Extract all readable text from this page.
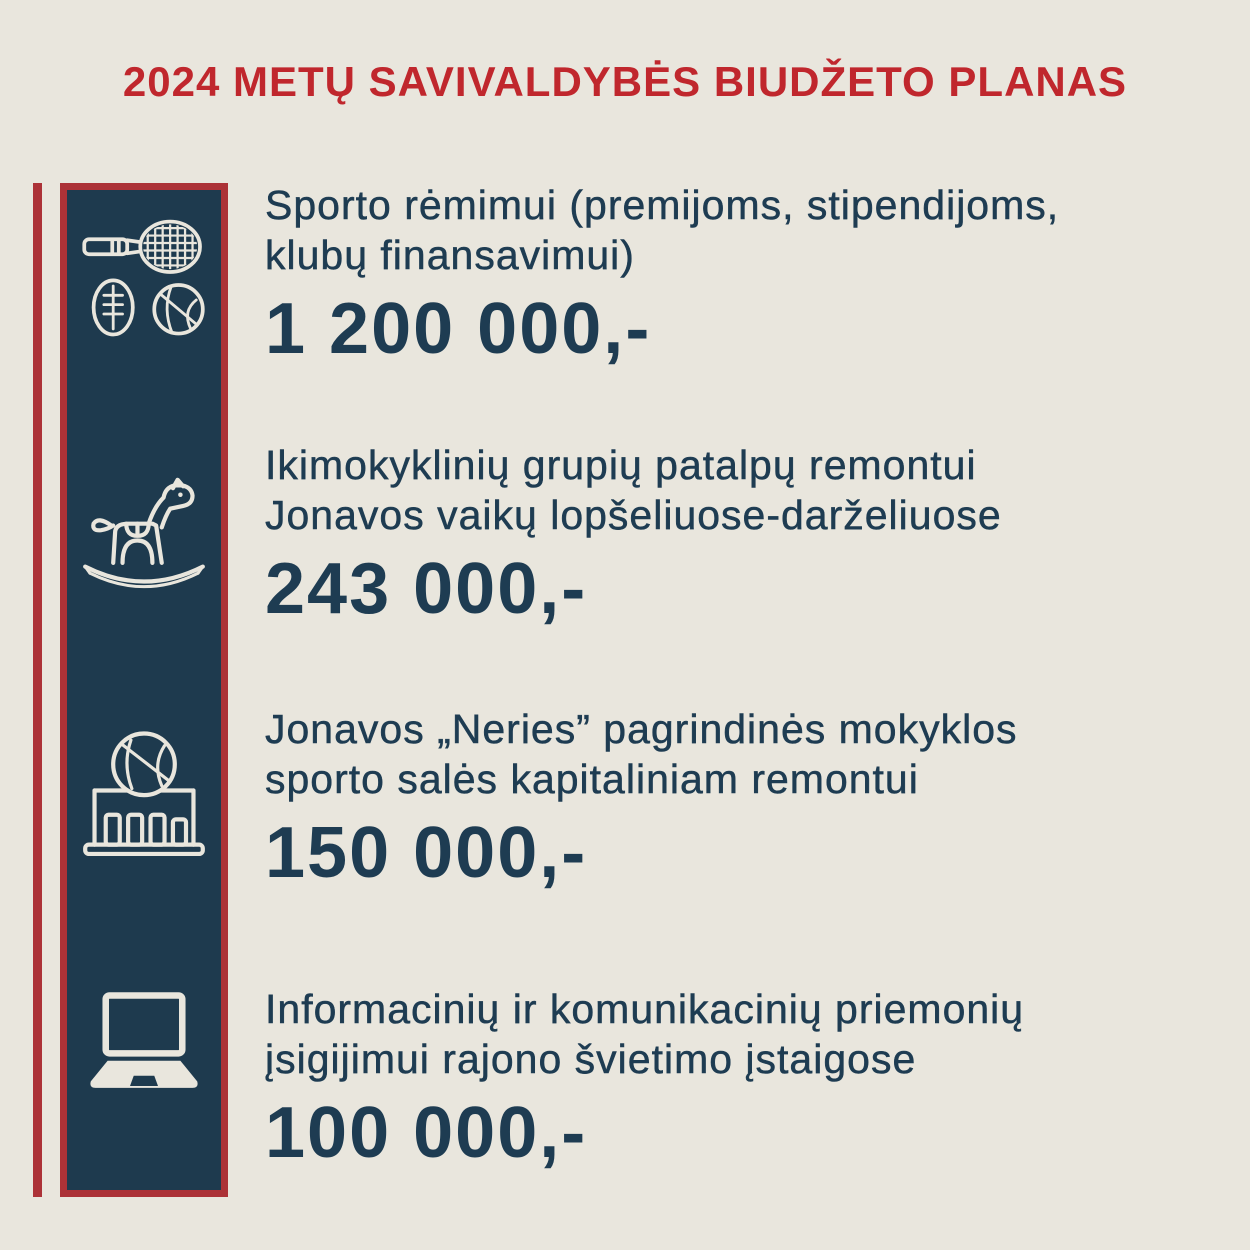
2024 METŲ SAVIVALDYBĖS BIUDŽETO PLANAS

Sporto rėmimui (premijoms, stipendijoms,
klubų finansavimui)

1 200 000,-

Ikimokyklinių grupių patalpų remontui
Jonavos vaikų lopšeliuose-darželiuose

243 000,-

Jonavos „Neries” pagrindinės mokyklos
sporto salės kapitaliniam remontui

150 000,-

Informacinių ir komunikacinių priemonių
įsigijimui rajono švietimo įstaigose

100 000,-
